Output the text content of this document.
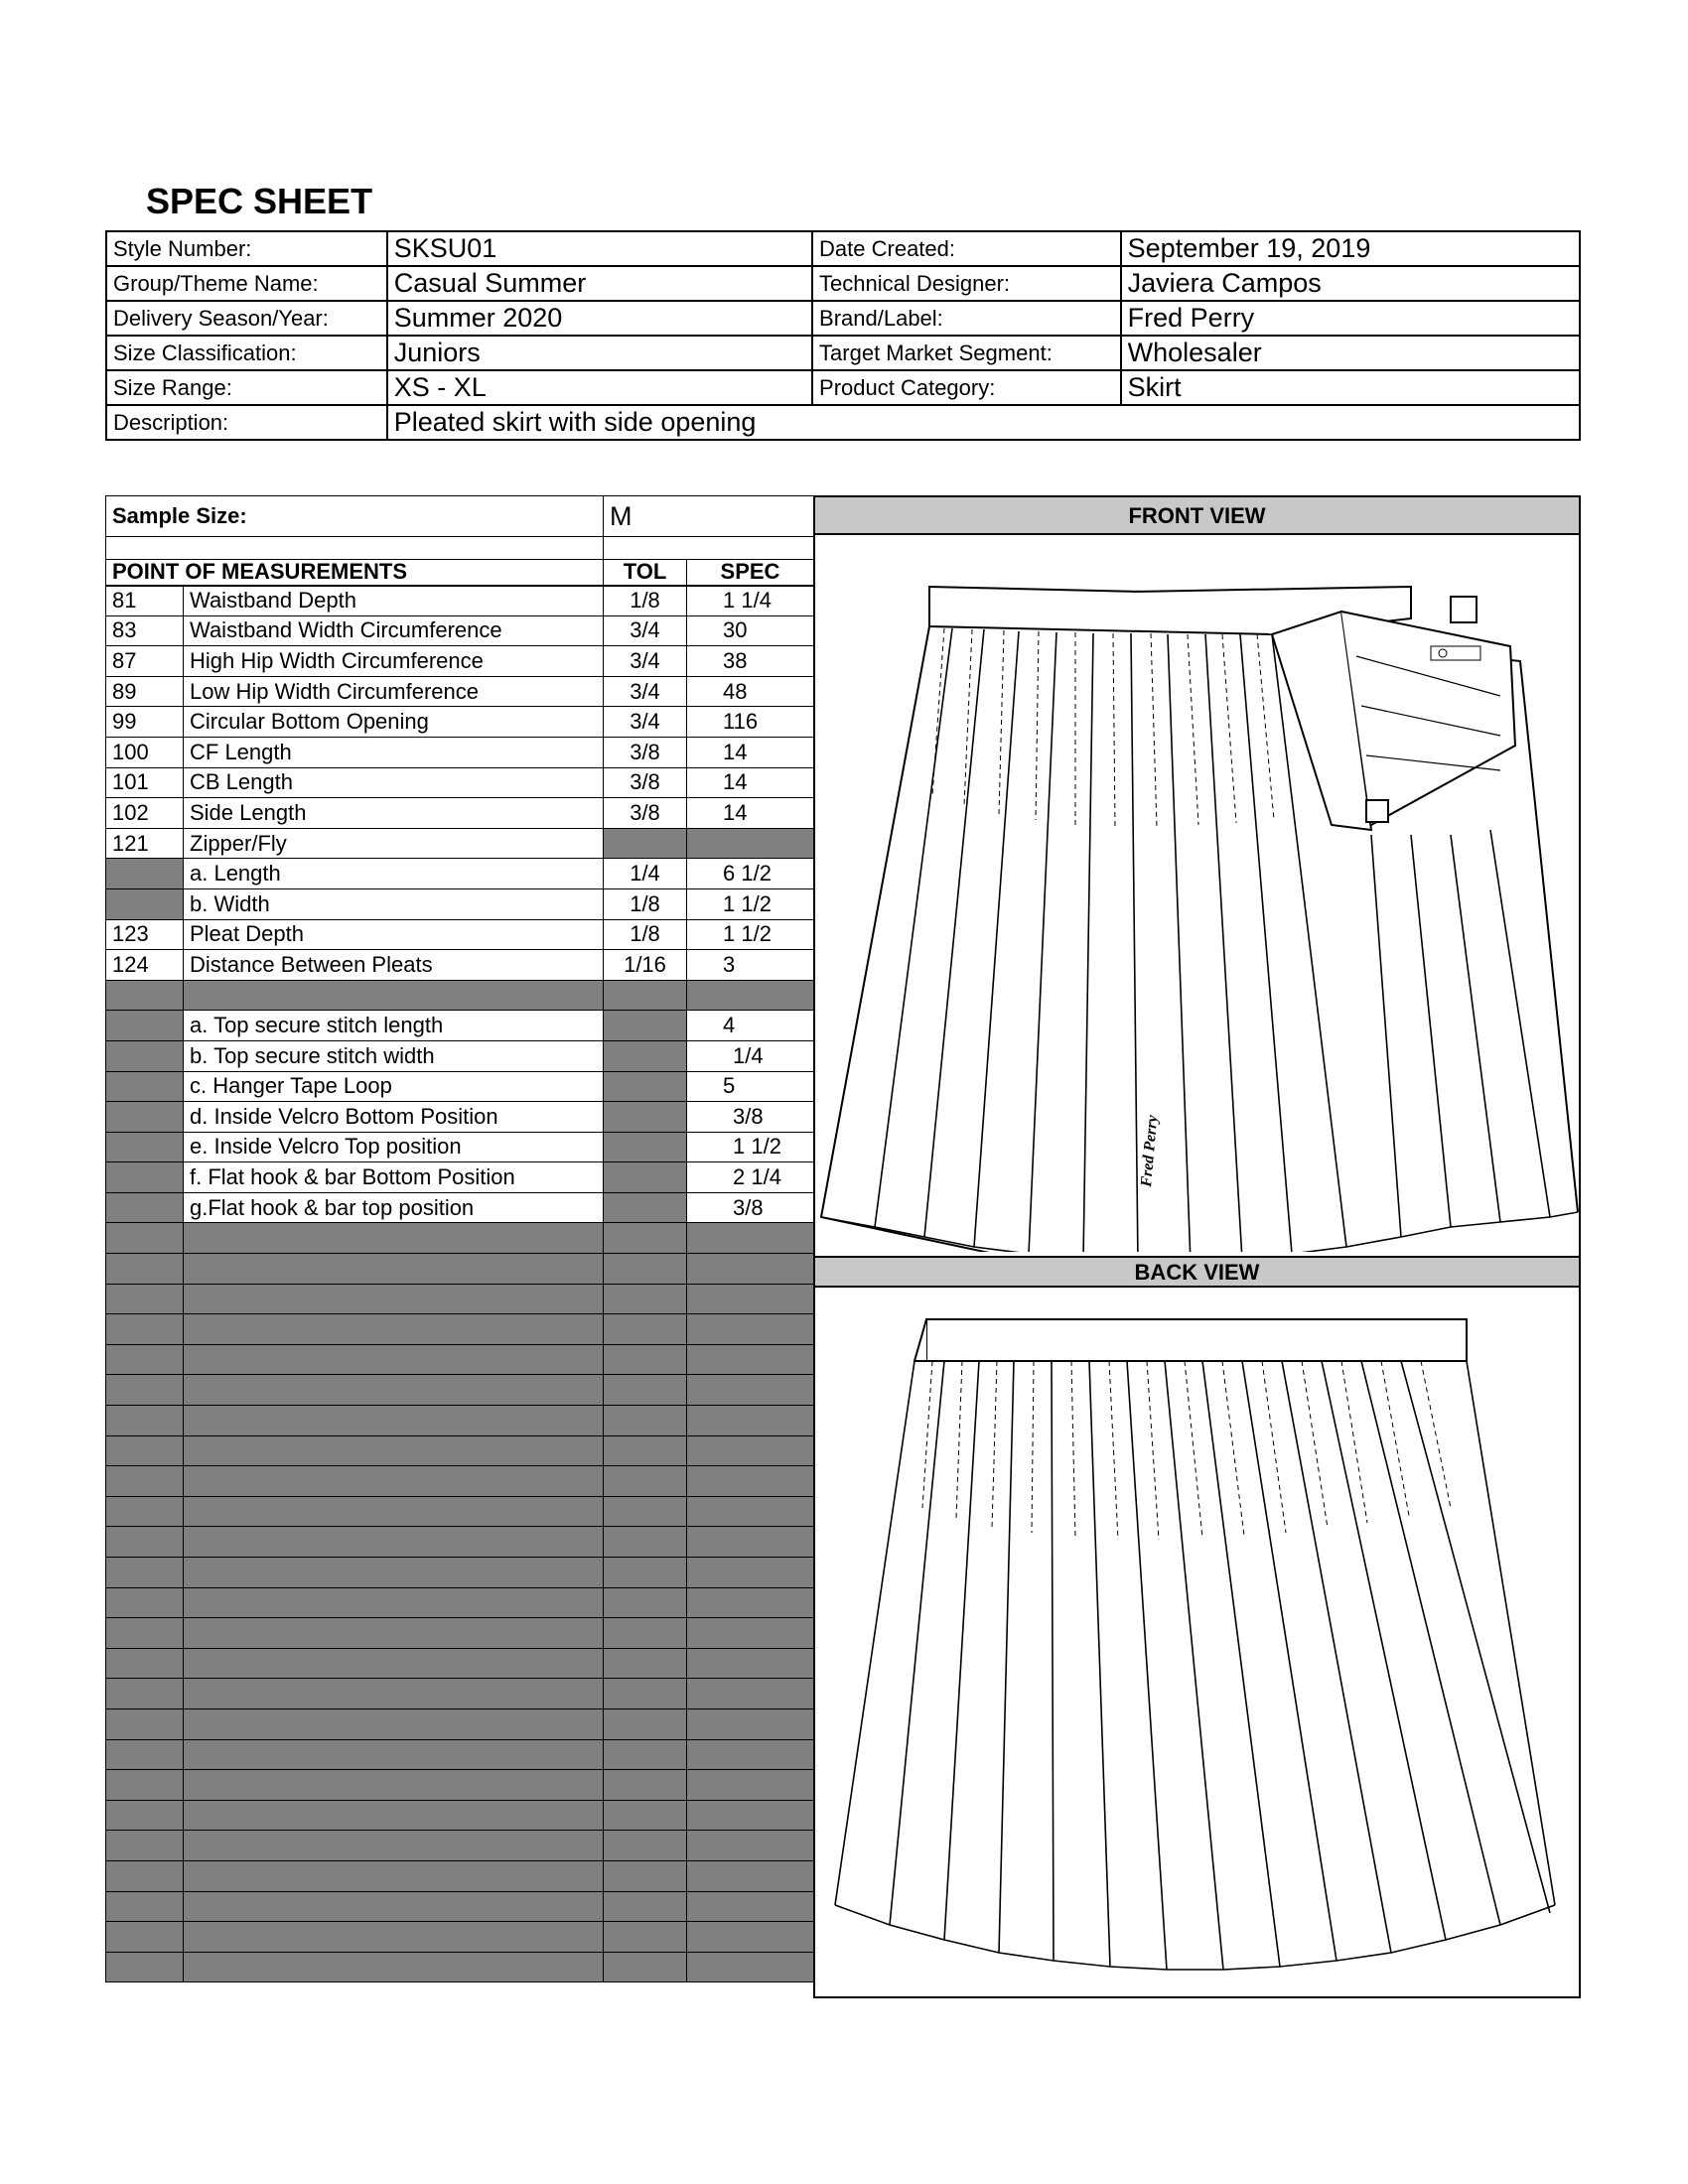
SPEC SHEET
Style Number:	SKSU01	Date Created:	September 19, 2019
Group/Theme Name:	Casual Summer	Technical Designer:	Javiera Campos
Delivery Season/Year:	Summer 2020	Brand/Label:	Fred Perry
Size Classification:	Juniors	Target Market Segment:	Wholesaler
Size Range:	XS - XL	Product Category:	Skirt
Description:	Pleated skirt with side opening		
Sample Size:		M	

POINT OF MEASUREMENTS		TOL	SPEC
81	Waistband Depth	1/8	1 1/4
83	Waistband Width Circumference	3/4	30
87	High Hip Width Circumference	3/4	38
89	Low Hip Width Circumference	3/4	48
99	Circular Bottom Opening	3/4	116
100	CF Length	3/8	14
101	CB Length	3/8	14
102	Side Length	3/8	14
121	Zipper/Fly		
	a. Length	1/4	6 1/2
	b. Width	1/8	1 1/2
123	Pleat Depth	1/8	1 1/2
124	Distance Between Pleats	1/16	3

	a. Top secure stitch length		4
	b. Top secure stitch width		1/4
	c. Hanger Tape Loop		5
	d. Inside Velcro Bottom Position		3/8
	e. Inside Velcro Top position		1 1/2
	f. Flat hook & bar Bottom Position		2 1/4
	g.Flat hook & bar top position		3/8

FRONT VIEW
BACK VIEW
Fred Perry
